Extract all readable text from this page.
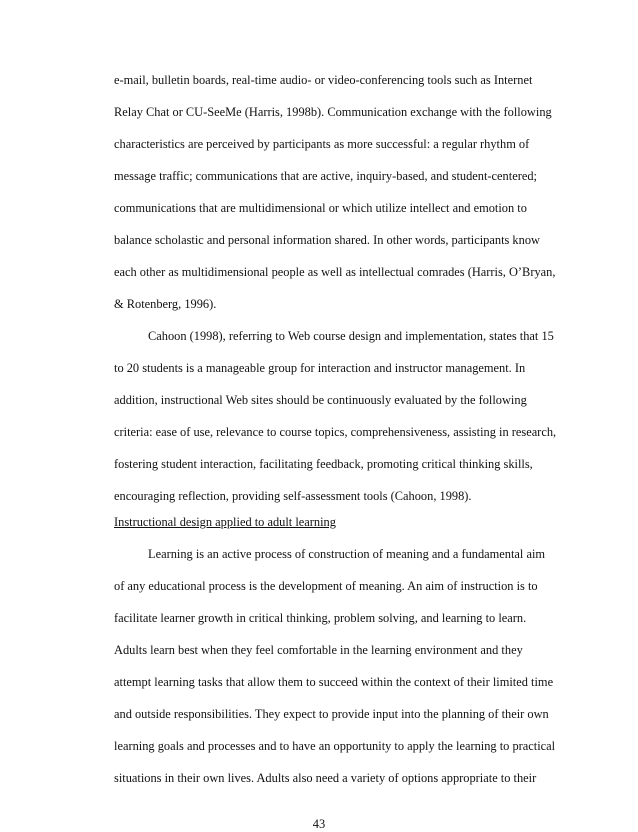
e-mail, bulletin boards, real-time audio- or video-conferencing tools such as Internet
Relay Chat or CU-SeeMe (Harris, 1998b). Communication exchange with the following
characteristics are perceived by participants as more successful: a regular rhythm of
message traffic; communications that are active, inquiry-based, and student-centered;
communications that are multidimensional or which utilize intellect and emotion to
balance scholastic and personal information shared. In other words, participants know
each other as multidimensional people as well as intellectual comrades (Harris, O’Bryan,
& Rotenberg, 1996).
Cahoon (1998), referring to Web course design and implementation, states that 15
to 20 students is a manageable group for interaction and instructor management. In
addition, instructional Web sites should be continuously evaluated by the following
criteria: ease of use, relevance to course topics, comprehensiveness, assisting in research,
fostering student interaction, facilitating feedback, promoting critical thinking skills,
encouraging reflection, providing self-assessment tools (Cahoon, 1998).
Instructional design applied to adult learning
Learning is an active process of construction of meaning and a fundamental aim
of any educational process is the development of meaning. An aim of instruction is to
facilitate learner growth in critical thinking, problem solving, and learning to learn.
Adults learn best when they feel comfortable in the learning environment and they
attempt learning tasks that allow them to succeed within the context of their limited time
and outside responsibilities. They expect to provide input into the planning of their own
learning goals and processes and to have an opportunity to apply the learning to practical
situations in their own lives. Adults also need a variety of options appropriate to their
43
